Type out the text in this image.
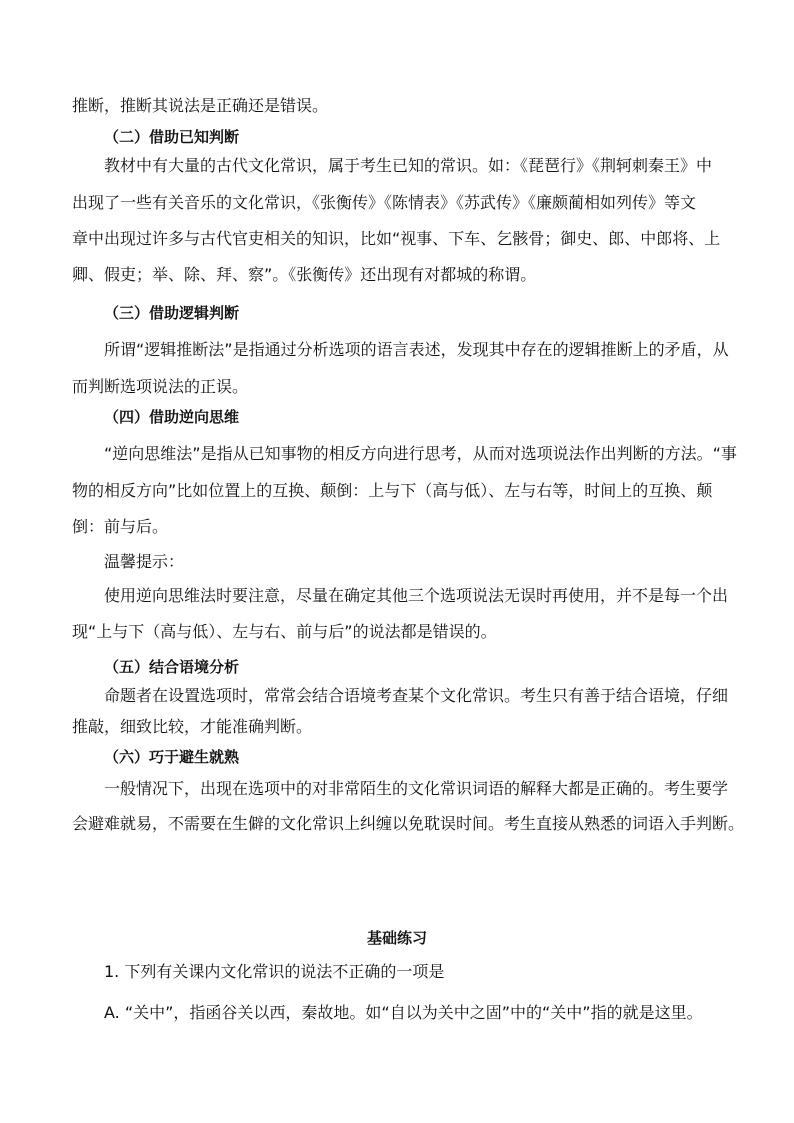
推断，推断其说法是正确还是错误。
（二）借助已知判断
教材中有大量的古代文化常识，属于考生已知的常识。如：《琵琶行》《荆轲刺秦王》中
出现了一些有关音乐的文化常识，《张衡传》《陈情表》《苏武传》《廉颇蔺相如列传》等文
章中出现过许多与古代官吏相关的知识，比如“视事、下车、乞骸骨；御史、郎、中郎将、上
卿、假吏；举、除、拜、察”。《张衡传》还出现有对都城的称谓。
（三）借助逻辑判断
所谓“逻辑推断法”是指通过分析选项的语言表述，发现其中存在的逻辑推断上的矛盾，从
而判断选项说法的正误。
（四）借助逆向思维
“逆向思维法”是指从已知事物的相反方向进行思考，从而对选项说法作出判断的方法。“事
物的相反方向”比如位置上的互换、颠倒：上与下（高与低）、左与右等，时间上的互换、颠
倒：前与后。
温馨提示：
使用逆向思维法时要注意，尽量在确定其他三个选项说法无误时再使用，并不是每一个出
现“上与下（高与低）、左与右、前与后”的说法都是错误的。
（五）结合语境分析
命题者在设置选项时，常常会结合语境考查某个文化常识。考生只有善于结合语境，仔细
推敲，细致比较，才能准确判断。
（六）巧于避生就熟
一般情况下，出现在选项中的对非常陌生的文化常识词语的解释大都是正确的。考生要学
会避难就易，不需要在生僻的文化常识上纠缠以免耽误时间。考生直接从熟悉的词语入手判断。
基础练习
1. 下列有关课内文化常识的说法不正确的一项是
A. “关中”，指函谷关以西，秦故地。如“自以为关中之固”中的“关中”指的就是这里。
